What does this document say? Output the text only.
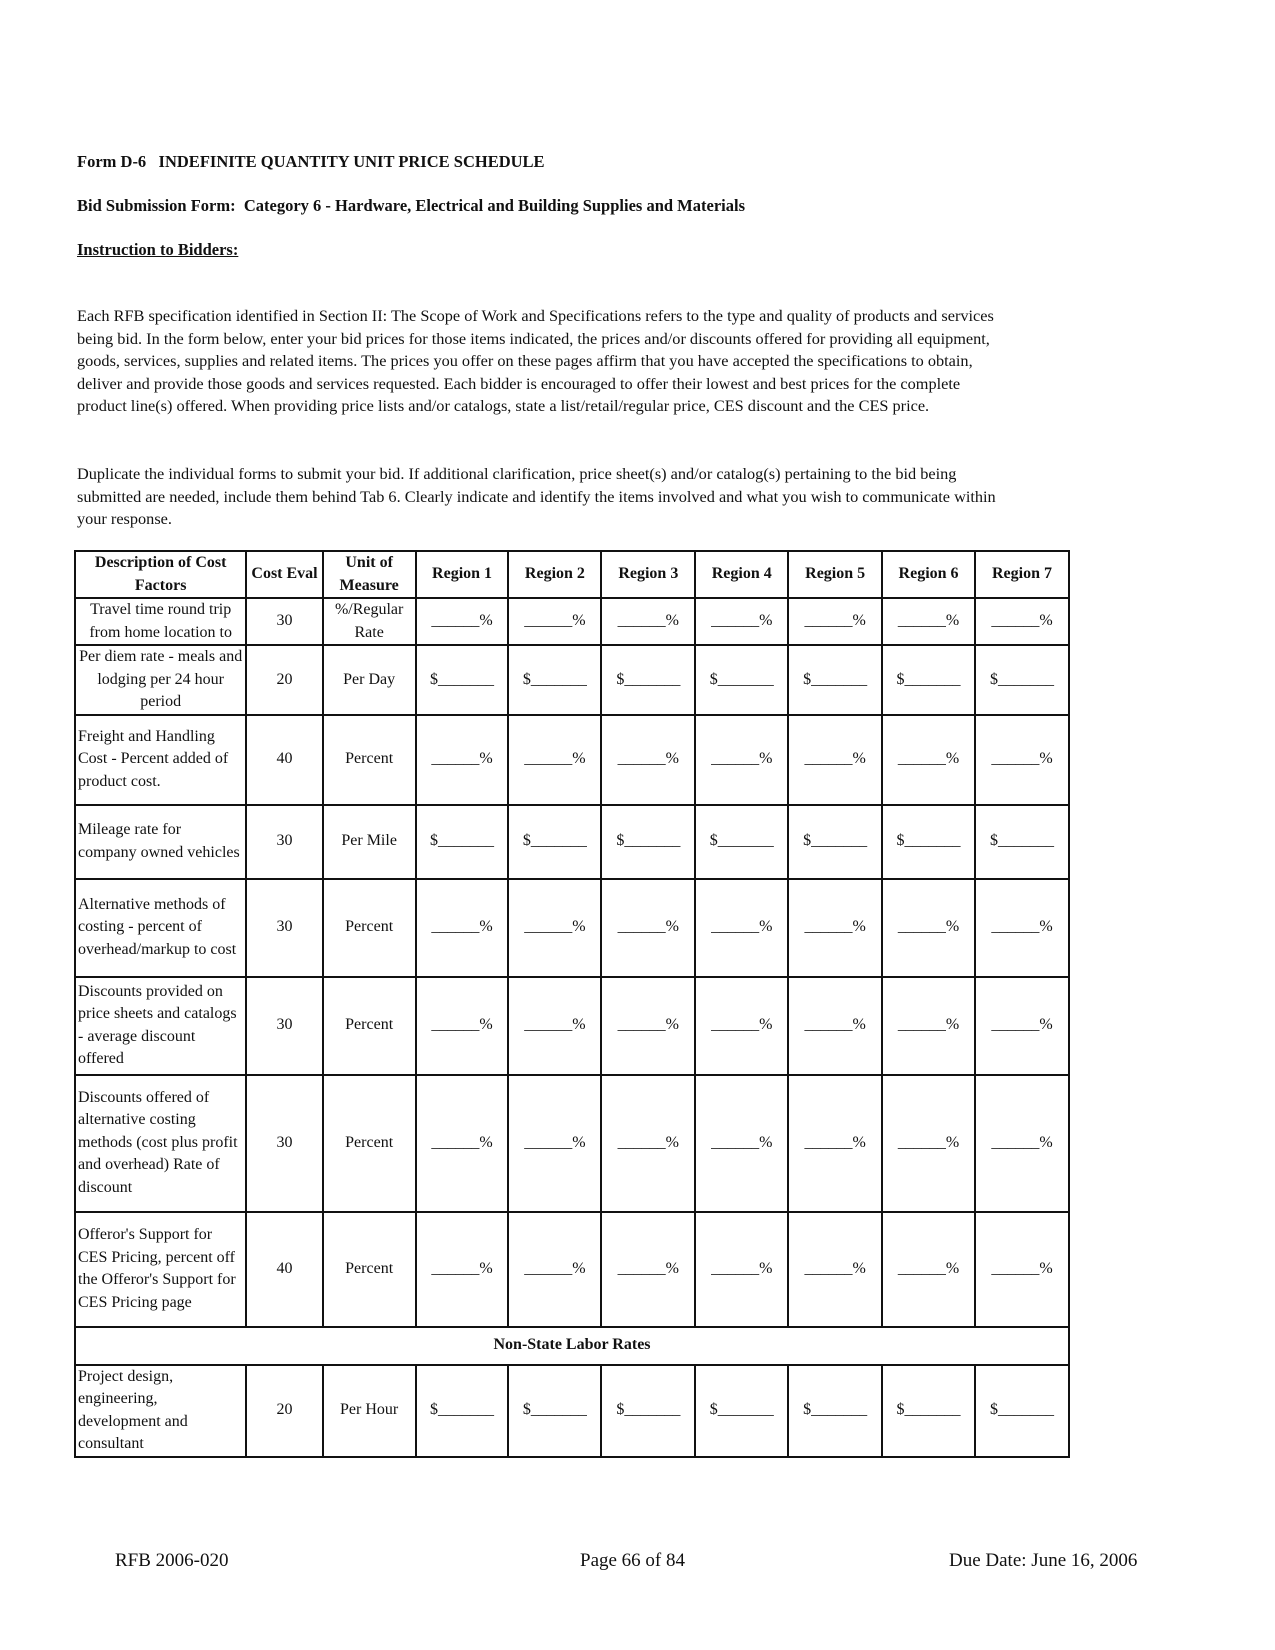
Form D-6   INDEFINITE QUANTITY UNIT PRICE SCHEDULE
Bid Submission Form:  Category 6 - Hardware, Electrical and Building Supplies and Materials
Instruction to Bidders:
Each RFB specification identified in Section II: The Scope of Work and Specifications refers to the type and quality of products and services
being bid. In the form below, enter your bid prices for those items indicated, the prices and/or discounts offered for providing all equipment,
goods, services, supplies and related items. The prices you offer on these pages affirm that you have accepted the specifications to obtain,
deliver and provide those goods and services requested. Each bidder is encouraged to offer their lowest and best prices for the complete
product line(s) offered. When providing price lists and/or catalogs, state a list/retail/regular price, CES discount and the CES price.
Duplicate the individual forms to submit your bid. If additional clarification, price sheet(s) and/or catalog(s) pertaining to the bid being
submitted are needed, include them behind Tab 6. Clearly indicate and identify the items involved and what you wish to communicate within
your response.
Description of Cost Factors	Cost Eval	Unit of Measure	Region 1	Region 2	Region 3	Region 4	Region 5	Region 6	Region 7
Travel time round trip from home location to	30	%/Regular Rate	______%	______%	______%	______%	______%	______%	______%
Per diem rate - meals and lodging per 24 hour period	20	Per Day	$_______	$_______	$_______	$_______	$_______	$_______	$_______
Freight and Handling Cost - Percent added of product cost.	40	Percent	______%	______%	______%	______%	______%	______%	______%
Mileage rate for company owned vehicles	30	Per Mile	$_______	$_______	$_______	$_______	$_______	$_______	$_______
Alternative methods of costing - percent of overhead/markup to cost	30	Percent	______%	______%	______%	______%	______%	______%	______%
Discounts provided on price sheets and catalogs - average discount offered	30	Percent	______%	______%	______%	______%	______%	______%	______%
Discounts offered of alternative costing methods (cost plus profit and overhead) Rate of discount	30	Percent	______%	______%	______%	______%	______%	______%	______%
Offeror's Support for CES Pricing, percent off the Offeror's Support for CES Pricing page	40	Percent	______%	______%	______%	______%	______%	______%	______%
Non-State Labor Rates									
Project design, engineering, development and consultant	20	Per Hour	$_______	$_______	$_______	$_______	$_______	$_______	$_______
RFB 2006-020	Page 66 of 84	Due Date: June 16, 2006
